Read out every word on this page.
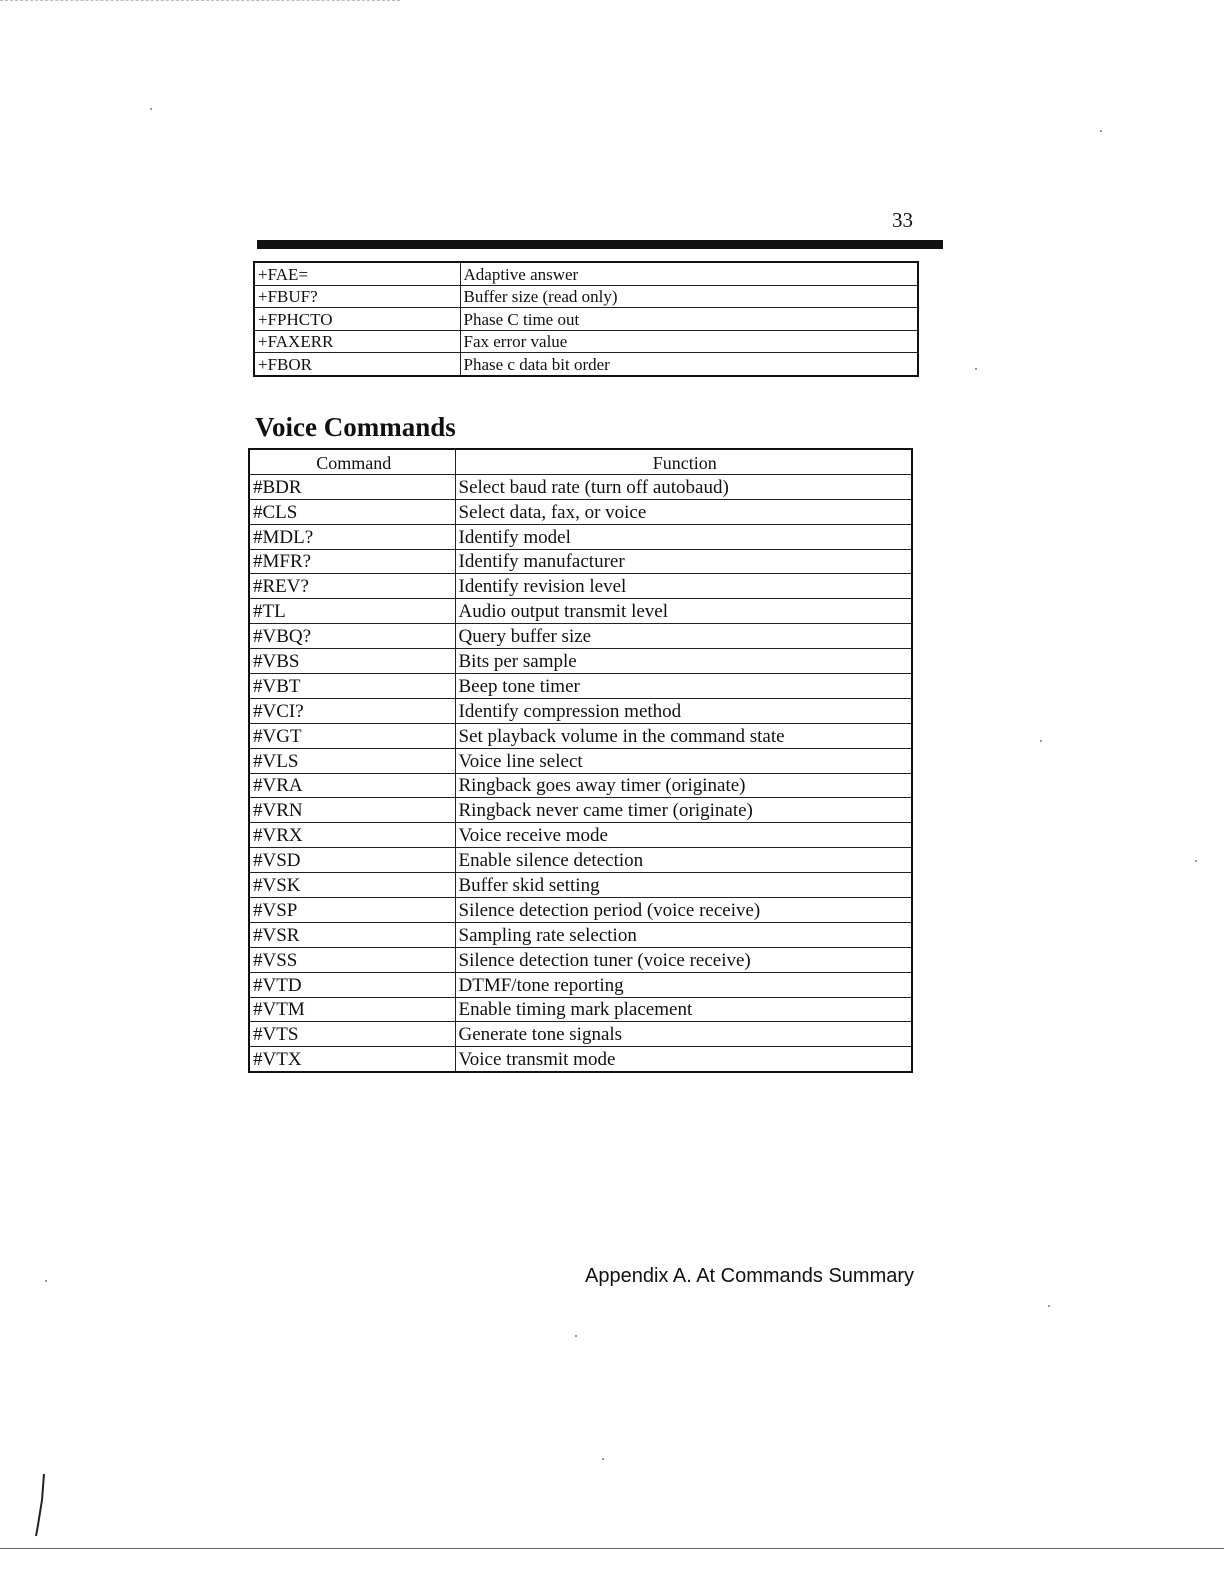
33
+FAE=	Adaptive answer
+FBUF?	Buffer size (read only)
+FPHCTO	Phase C time out
+FAXERR	Fax error value
+FBOR	Phase c data bit order
Voice Commands
Command	Function
#BDR	Select baud rate (turn off autobaud)
#CLS	Select data, fax, or voice
#MDL?	Identify model
#MFR?	Identify manufacturer
#REV?	Identify revision level
#TL	Audio output transmit level
#VBQ?	Query buffer size
#VBS	Bits per sample
#VBT	Beep tone timer
#VCI?	Identify compression method
#VGT	Set playback volume in the command state
#VLS	Voice line select
#VRA	Ringback goes away timer (originate)
#VRN	Ringback never came timer (originate)
#VRX	Voice receive mode
#VSD	Enable silence detection
#VSK	Buffer skid setting
#VSP	Silence detection period (voice receive)
#VSR	Sampling rate selection
#VSS	Silence detection tuner (voice receive)
#VTD	DTMF/tone reporting
#VTM	Enable timing mark placement
#VTS	Generate tone signals
#VTX	Voice transmit mode
Appendix A. At Commands Summary
